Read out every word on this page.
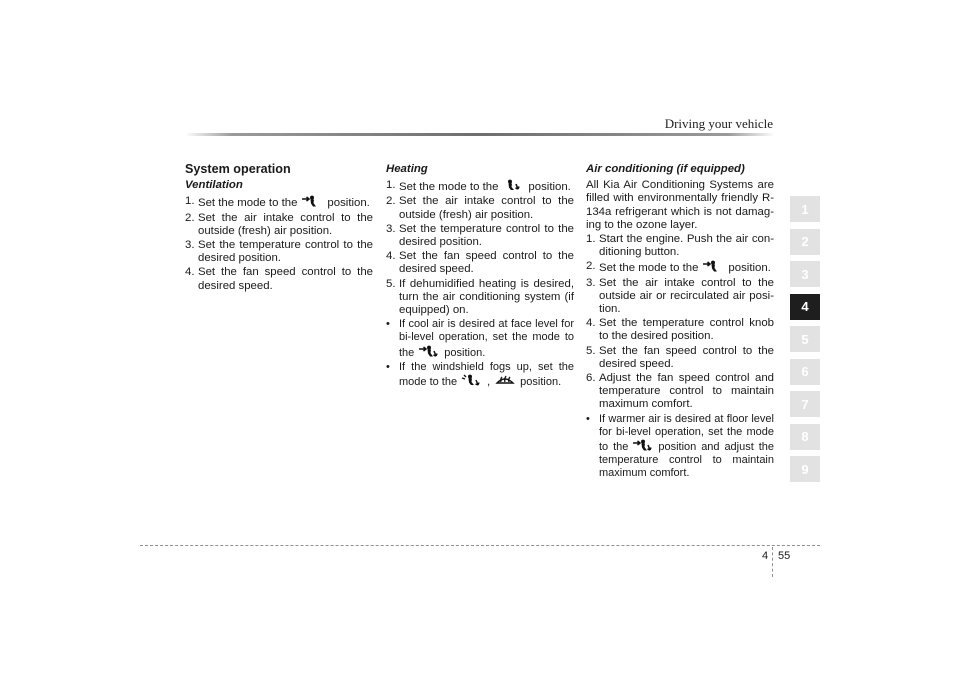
Driving your vehicle
System operation
Ventilation
1. Set the mode to the	position.
2. Set the air intake control to the outside (fresh) air position.
3. Set the temperature control to the desired position.
4. Set the fan speed control to the desired speed.
Heating
1. Set the mode to the	position.
2. Set the air intake control to the outside (fresh) air position.
3. Set the temperature control to the desired position.
4. Set the fan speed control to the desired speed.
5. If dehumidified heating is desired, turn the air conditioning system (if equipped) on.
• If cool air is desired at face level for bi-level operation, set the mode to the	position.
• If the windshield fogs up, set the mode to the	,	position.
Air conditioning (if equipped)
All Kia Air Conditioning Systems are filled with environmentally friendly R-134a refrigerant which is not damag-ing to the ozone layer.
1. Start the engine. Push the air con-ditioning button.
2. Set the mode to the	position.
3. Set the air intake control to the outside air or recirculated air posi-tion.
4. Set the temperature control knob to the desired position.
5. Set the fan speed control to the desired speed.
6. Adjust the fan speed control and temperature control to maintain maximum comfort.
• If warmer air is desired at floor level for bi-level operation, set the mode to the	position and adjust the temperature control to maintain maximum comfort.
1
2
3
4
5
6
7
8
9
4 55
